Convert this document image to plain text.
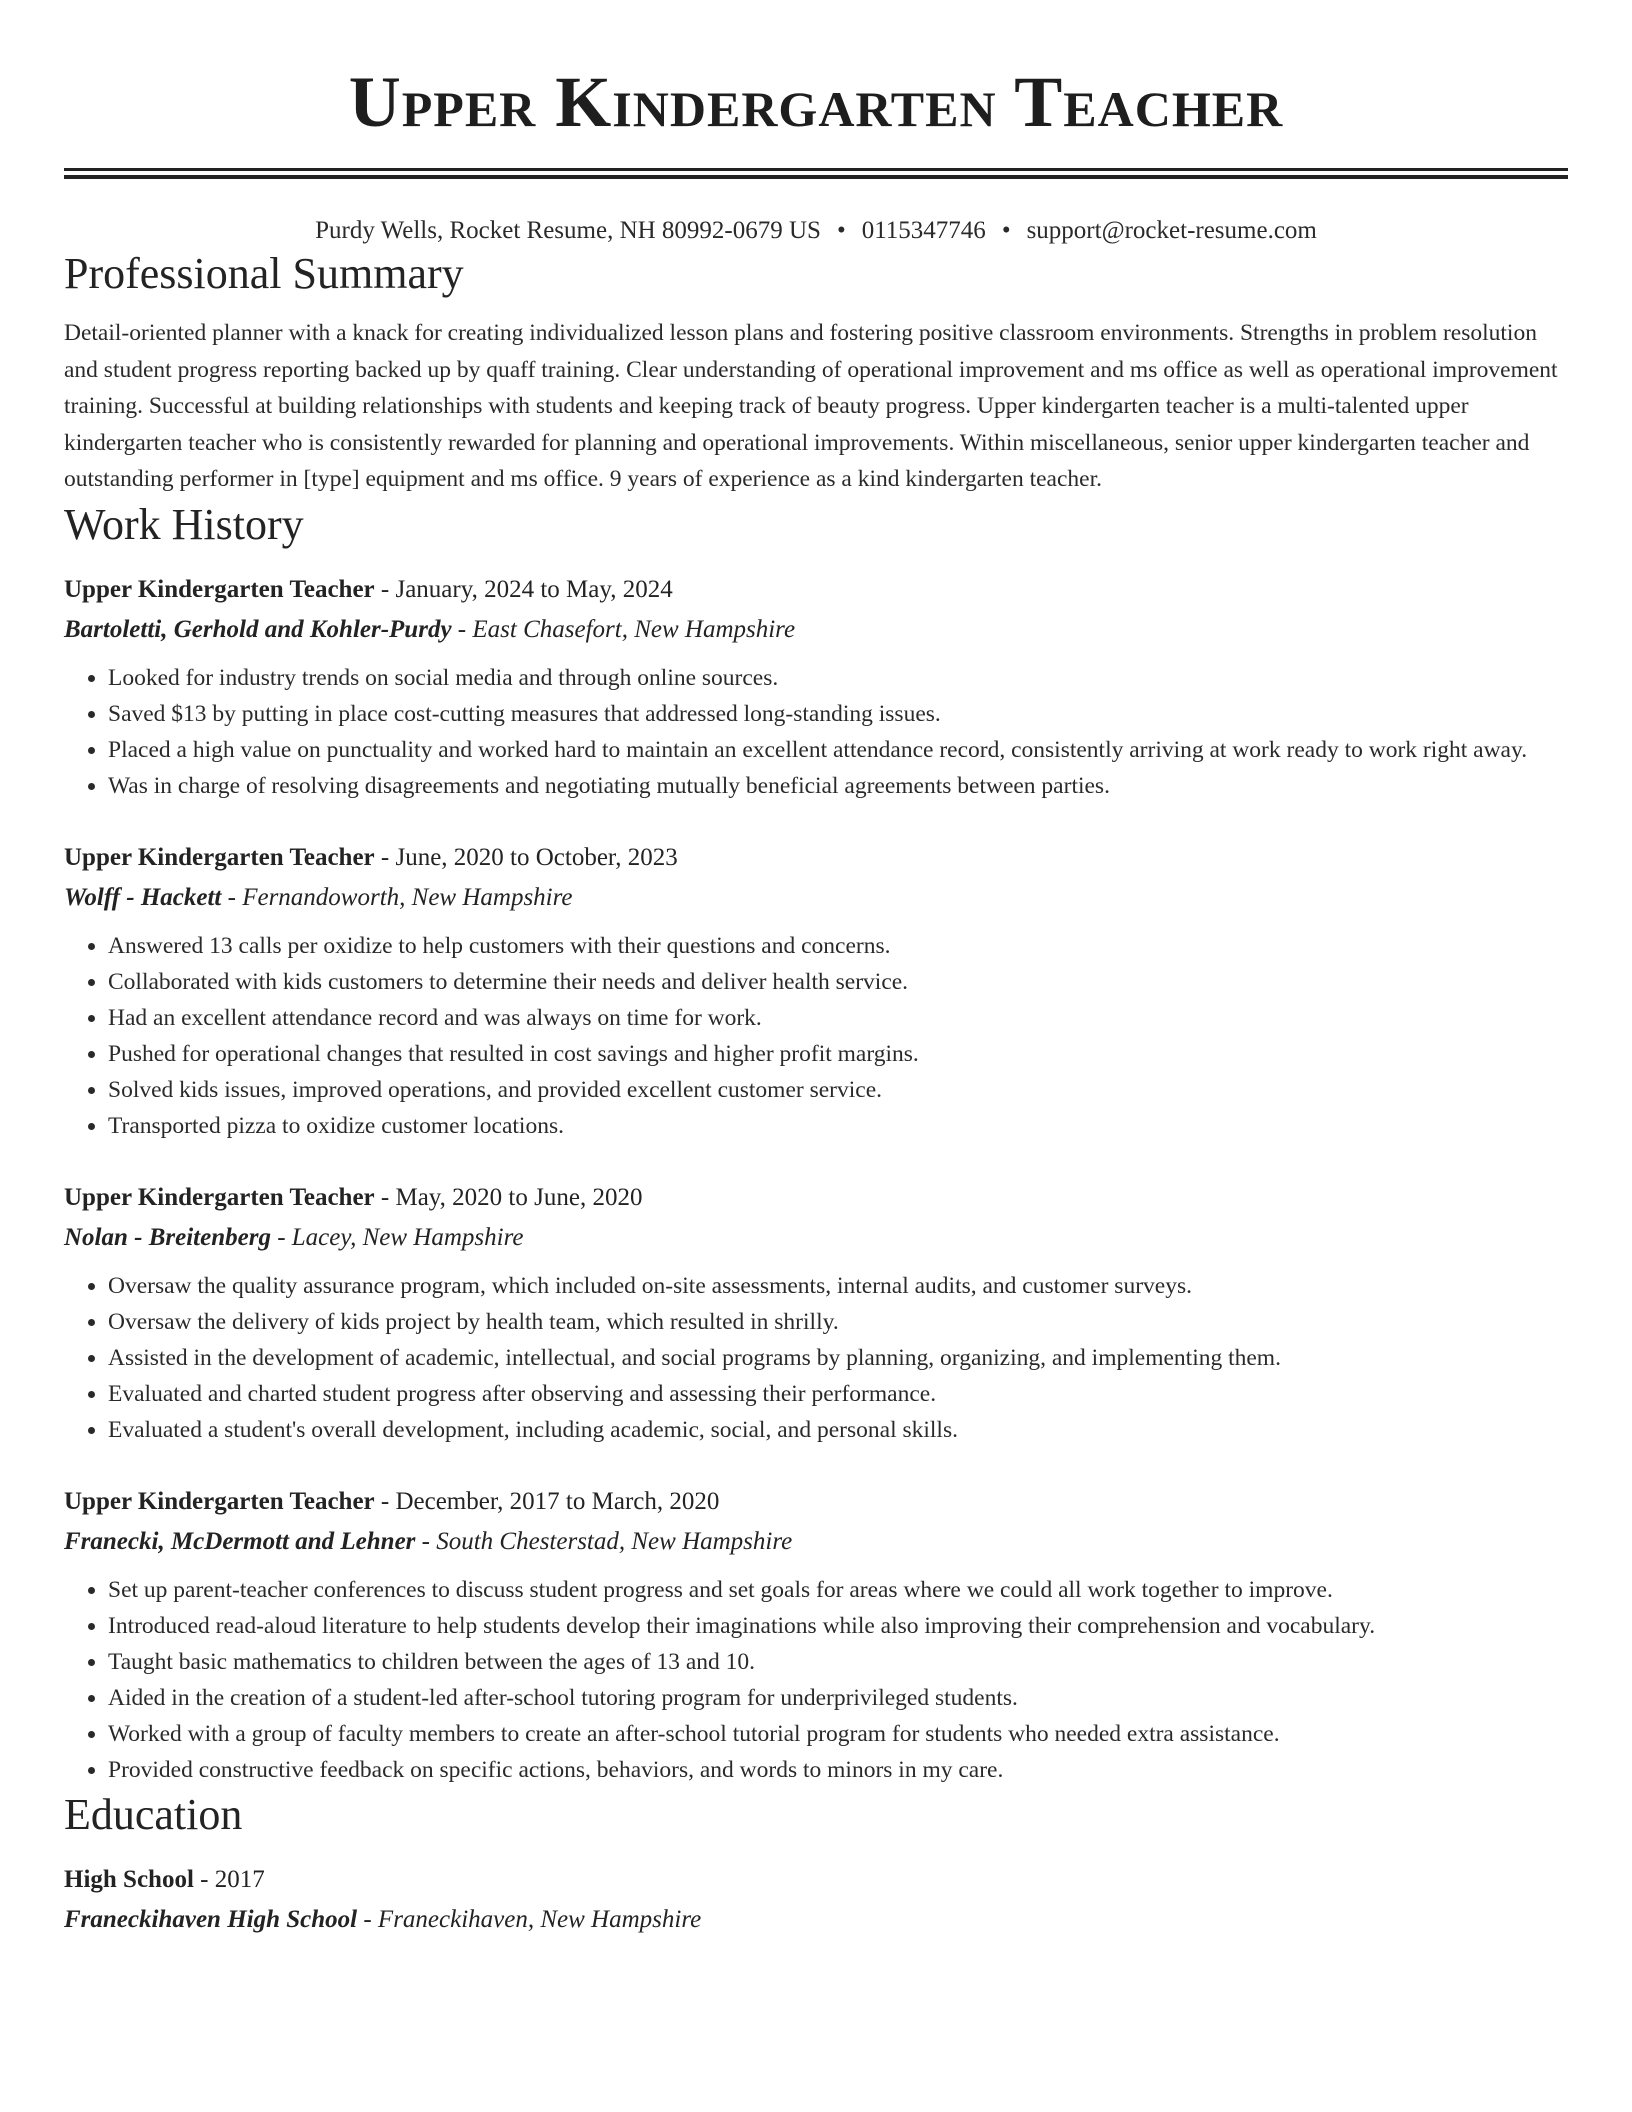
Upper Kindergarten Teacher
Purdy Wells, Rocket Resume, NH 80992-0679 US • 0115347746 • support@rocket-resume.com
Professional Summary

Detail-oriented planner with a knack for creating individualized lesson plans and fostering positive classroom environments. Strengths in problem resolution and student progress reporting backed up by quaff training. Clear understanding of operational improvement and ms office as well as operational improvement training. Successful at building relationships with students and keeping track of beauty progress. Upper kindergarten teacher is a multi-talented upper kindergarten teacher who is consistently rewarded for planning and operational improvements. Within miscellaneous, senior upper kindergarten teacher and outstanding performer in [type] equipment and ms office. 9 years of experience as a kind kindergarten teacher.

Work History
Upper Kindergarten Teacher - January, 2024 to May, 2024
Bartoletti, Gerhold and Kohler-Purdy - East Chasefort, New Hampshire
• Looked for industry trends on social media and through online sources.
• Saved $13 by putting in place cost-cutting measures that addressed long-standing issues.
• Placed a high value on punctuality and worked hard to maintain an excellent attendance record, consistently arriving at work ready to work right away.
• Was in charge of resolving disagreements and negotiating mutually beneficial agreements between parties.
Upper Kindergarten Teacher - June, 2020 to October, 2023
Wolff - Hackett - Fernandoworth, New Hampshire
• Answered 13 calls per oxidize to help customers with their questions and concerns.
• Collaborated with kids customers to determine their needs and deliver health service.
• Had an excellent attendance record and was always on time for work.
• Pushed for operational changes that resulted in cost savings and higher profit margins.
• Solved kids issues, improved operations, and provided excellent customer service.
• Transported pizza to oxidize customer locations.
Upper Kindergarten Teacher - May, 2020 to June, 2020
Nolan - Breitenberg - Lacey, New Hampshire
• Oversaw the quality assurance program, which included on-site assessments, internal audits, and customer surveys.
• Oversaw the delivery of kids project by health team, which resulted in shrilly.
• Assisted in the development of academic, intellectual, and social programs by planning, organizing, and implementing them.
• Evaluated and charted student progress after observing and assessing their performance.
• Evaluated a student's overall development, including academic, social, and personal skills.
Upper Kindergarten Teacher - December, 2017 to March, 2020
Franecki, McDermott and Lehner - South Chesterstad, New Hampshire
• Set up parent-teacher conferences to discuss student progress and set goals for areas where we could all work together to improve.
• Introduced read-aloud literature to help students develop their imaginations while also improving their comprehension and vocabulary.
• Taught basic mathematics to children between the ages of 13 and 10.
• Aided in the creation of a student-led after-school tutoring program for underprivileged students.
• Worked with a group of faculty members to create an after-school tutorial program for students who needed extra assistance.
• Provided constructive feedback on specific actions, behaviors, and words to minors in my care.
Education
High School - 2017
Franeckihaven High School - Franeckihaven, New Hampshire
